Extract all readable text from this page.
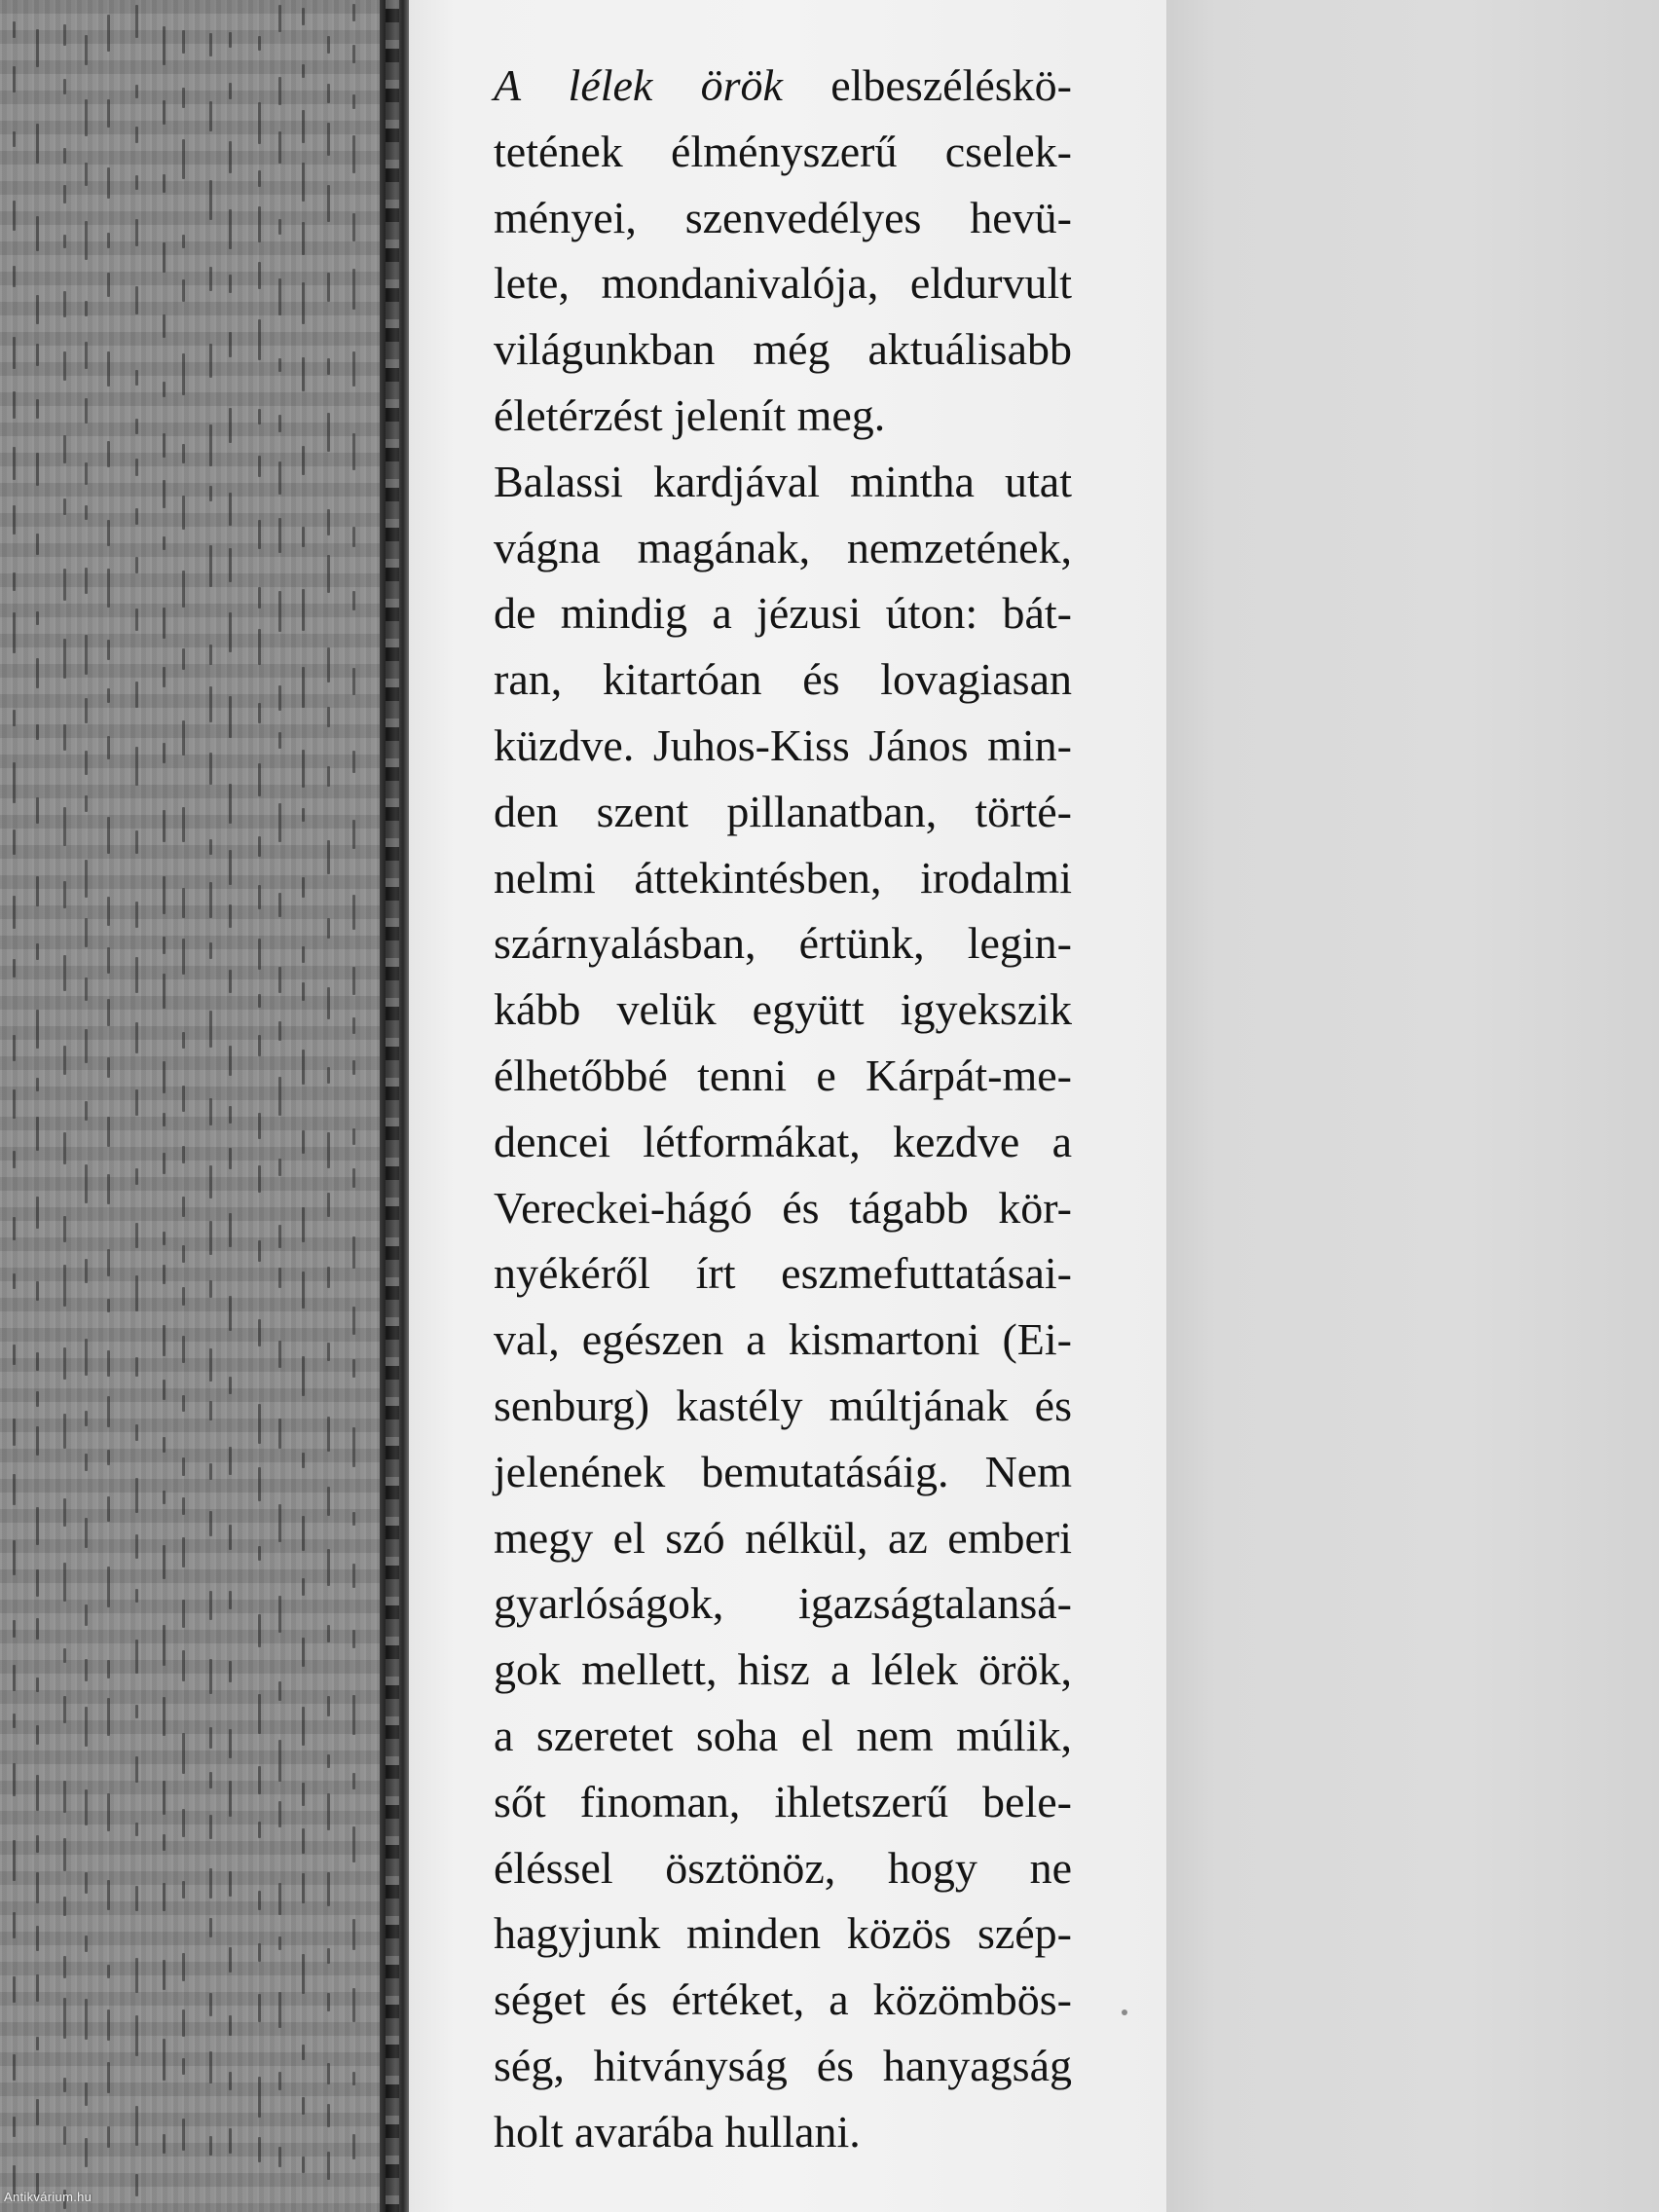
A lélek örök elbeszéléskö-
tetének élményszerű cselek-
ményei, szenvedélyes hevü-
lete, mondanivalója, eldurvult
világunkban még aktuálisabb
életérzést jelenít meg.
Balassi kardjával mintha utat
vágna magának, nemzetének,
de mindig a jézusi úton: bát-
ran, kitartóan és lovagiasan
küzdve. Juhos-Kiss János min-
den szent pillanatban, törté-
nelmi áttekintésben, irodalmi
szárnyalásban, értünk, legin-
kább velük együtt igyekszik
élhetőbbé tenni e Kárpát-me-
dencei létformákat, kezdve a
Vereckei-hágó és tágabb kör-
nyékéről írt eszmefuttatásai-
val, egészen a kismartoni (Ei-
senburg) kastély múltjának és
jelenének bemutatásáig. Nem
megy el szó nélkül, az emberi
gyarlóságok, igazságtalansá-
gok mellett, hisz a lélek örök,
a szeretet soha el nem múlik,
sőt finoman, ihletszerű bele-
éléssel ösztönöz, hogy ne
hagyjunk minden közös szép-
séget és értéket, a közömbös-
ség, hitványság és hanyagság
holt avarába hullani.
Antikvárium.hu
